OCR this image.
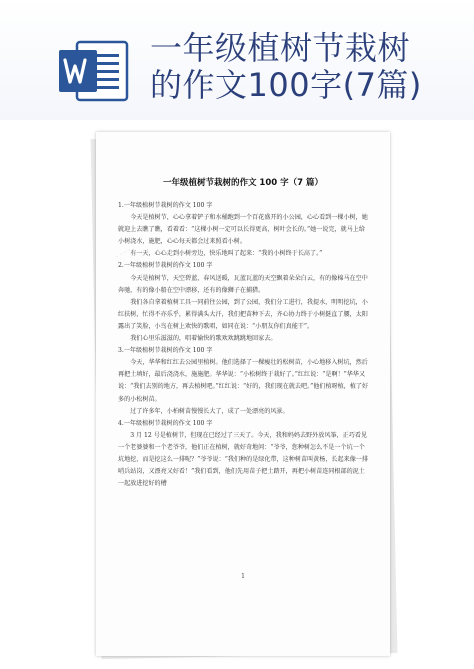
一年级植树节栽树
的作文100字(7篇)
ˇˇˇˇ
一年级植树节栽树的作文 100 字（7 篇）

1.一年级植树节栽树的作文 100 字

今天是植树节，心心拿着铲子和水桶跑到一个百花盛开的小公园，心心看到一棵小树，她就迎上去瞧了瞧，看着看：“这棵小树一定可以长得更高，树叶会长的。”她一说完，就马上给小树浇水，施肥，心心每天都会过来照看小树。

有一天，心心走到小树旁边，快乐地叫了起来：“我的小树终于长高了。”

2.一年级植树节栽树的作文 100 字

今天是植树节，天空碧蓝，春风送暖，瓦蓝瓦蓝的天空飘着朵朵白云，有的像棉马在空中奔驰，有的像小船在空中漂移，还有的像狮子在捕猎。

我们各自拿着植树工具一同前往公园，到了公园，我们分工进行，我提水，明明挖坑，小红扶树，忙得不亦乐乎，累得满头大汗，我们把苗种下去，齐心协力终于小树挺直了腰，太阳露出了笑脸，小鸟在树上欢快的歌唱，如同在说：“小朋友你们真能干”。

我们心里乐滋滋的，唱着愉快的歌欢欢跳跳地回家去。

3.一年级植树节栽树的作文 100 字

今天，华华和红红去公园里植树。他们选择了一棵瘦壮的松树苗，小心地移入树坑，然后再把土填好，最后浇浇水，施施肥。华华说：“小松树终于栽好了。”红红说：“是啊！”华华又说：“我们去别的地方，再去植树吧。”红红说：“好的，我们现在就去吧。”他们植呀植，植了好多的小松树苗。

过了许多年，小柏树苗慢慢长大了，成了一处漂亮的风景。

4.一年级植树节栽树的作文 100 字

3 月 12 号是植树节，但现在已经过了三天了。今天，我和妈妈去野外放风筝，正巧看见一个老婆婆和一个老爷爷，他们正在植树，就好奇地问：“爷爷，您种树怎么不是一个坑一个坑地挖，而是挖这么一排呢？”爷爷说：“我们种的是绿化带，这种树苗叫黄杨，长起来像一排哨兵站岗，又漂亮又好看！”我们看到，他们先用苗子把土踏开，再把小树苗连同根部的泥土一起放进挖好的槽

1
